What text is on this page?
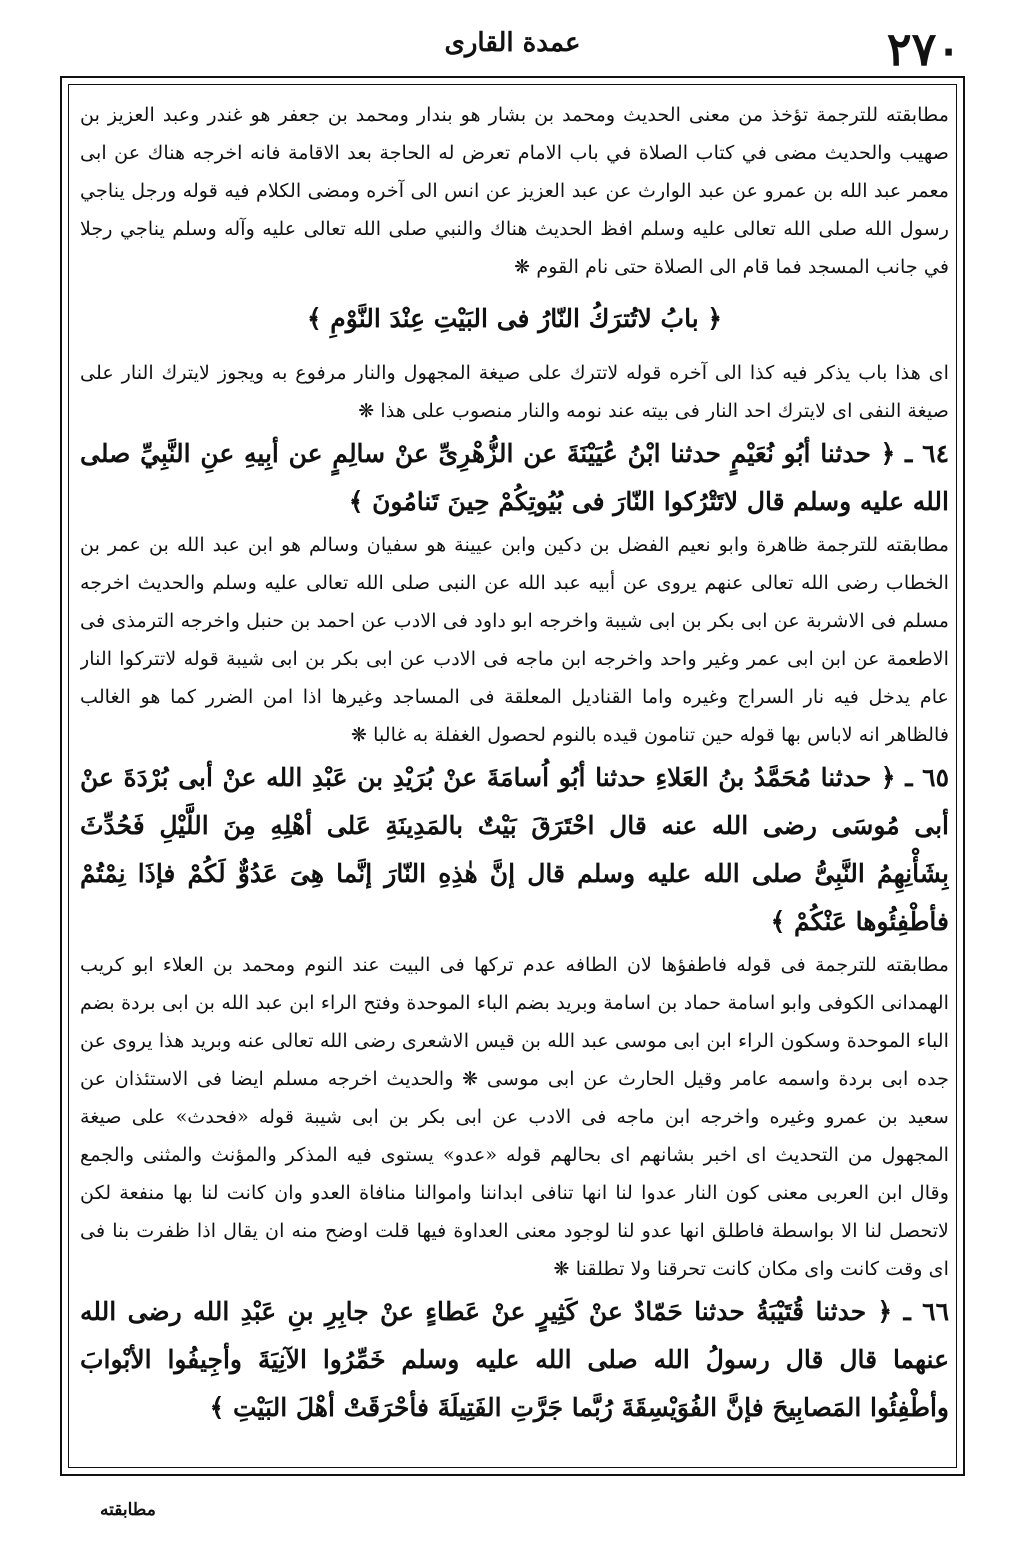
٢٧٠
عمدة القارى

مطابقته للترجمة تؤخذ من معنى الحديث ومحمد بن بشار هو بندار ومحمد بن جعفر هو غندر وعبد العزيز بن صهيب والحديث مضى في كتاب الصلاة في باب الامام تعرض له الحاجة بعد الاقامة فانه اخرجه هناك عن ابى معمر عبد الله بن عمرو عن عبد الوارث عن عبد العزيز عن انس الى آخره ومضى الكلام فيه قوله ورجل يناجي رسول الله صلى الله تعالى عليه وسلم افظ الحديث هناك والنبي صلى الله تعالى عليه وآله وسلم يناجي رجلا في جانب المسجد فما قام الى الصلاة حتى نام القوم ❋

﴿ بابُ لاتُترَكُ النّارُ فى البَيْتِ عِنْدَ النَّوْمِ ﴾

اى هذا باب يذكر فيه كذا الى آخره قوله لاتترك على صيغة المجهول والنار مرفوع به ويجوز لايترك النار على صيغة النفى اى لايترك احد النار فى بيته عند نومه والنار منصوب على هذا ❋

٦٤ ـ ﴿ حدثنا أبُو نُعَيْمٍ حدثنا ابْنُ عُيَيْنَةَ عن الزُّهْرِىِّ عنْ سالِمٍ عن أبِيهِ عنِ النَّبِيِّ صلى الله عليه وسلم قال لاتَتْرُكوا النّارَ فى بُيُوتِكُمْ حِينَ تَنامُونَ ﴾

مطابقته للترجمة ظاهرة وابو نعيم الفضل بن دكين وابن عيينة هو سفيان وسالم هو ابن عبد الله بن عمر بن الخطاب رضى الله تعالى عنهم يروى عن أبيه عبد الله عن النبى صلى الله تعالى عليه وسلم والحديث اخرجه مسلم فى الاشربة عن ابى بكر بن ابى شيبة واخرجه ابو داود فى الادب عن احمد بن حنبل واخرجه الترمذى فى الاطعمة عن ابن ابى عمر وغير واحد واخرجه ابن ماجه فى الادب عن ابى بكر بن ابى شيبة قوله لاتتركوا النار عام يدخل فيه نار السراج وغيره واما القناديل المعلقة فى المساجد وغيرها اذا امن الضرر كما هو الغالب فالظاهر انه لاباس بها قوله حين تنامون قيده بالنوم لحصول الغفلة به غالبا ❋

٦٥ ـ ﴿ حدثنا مُحَمَّدُ بنُ العَلاءِ حدثنا أبُو اُسامَةَ عنْ بُرَيْدِ بن عَبْدِ الله عنْ أبى بُرْدَةَ عنْ أبى مُوسَى رضى الله عنه قال احْتَرَقَ بَيْتٌ بالمَدِينَةِ عَلى أهْلِهِ مِنَ اللَّيْلِ فَحُدِّثَ بِشَأْنِهِمُ النَّبِىُّ صلى الله عليه وسلم قال إنَّ هٰذِهِ النّارَ إنَّما هِىَ عَدُوٌّ لَكُمْ فإذَا نِمْتُمْ فأطْفِئُوها عَنْكُمْ ﴾

مطابقته للترجمة فى قوله فاطفؤها لان الطافه عدم تركها فى البيت عند النوم ومحمد بن العلاء ابو كريب الهمدانى الكوفى وابو اسامة حماد بن اسامة وبريد بضم الباء الموحدة وفتح الراء ابن عبد الله بن ابى بردة بضم الباء الموحدة وسكون الراء ابن ابى موسى عبد الله بن قيس الاشعرى رضى الله تعالى عنه وبريد هذا يروى عن جده ابى بردة واسمه عامر وقيل الحارث عن ابى موسى ❋ والحديث اخرجه مسلم ايضا فى الاستئذان عن سعيد بن عمرو وغيره واخرجه ابن ماجه فى الادب عن ابى بكر بن ابى شيبة قوله «فحدث» على صيغة المجهول من التحديث اى اخبر بشانهم اى بحالهم قوله «عدو» يستوى فيه المذكر والمؤنث والمثنى والجمع وقال ابن العربى معنى كون النار عدوا لنا انها تنافى ابداننا واموالنا منافاة العدو وان كانت لنا بها منفعة لكن لاتحصل لنا الا بواسطة فاطلق انها عدو لنا لوجود معنى العداوة فيها قلت اوضح منه ان يقال اذا ظفرت بنا فى اى وقت كانت واى مكان كانت تحرقنا ولا تطلقنا ❋

٦٦ ـ ﴿ حدثنا قُتَيْبَةُ حدثنا حَمّادٌ عنْ كَثِيرٍ عنْ عَطاءٍ عنْ جابِرِ بنِ عَبْدِ الله رضى الله عنهما قال قال رسولُ الله صلى الله عليه وسلم خَمِّرُوا الآنِيَةَ وأجِيفُوا الأبْوابَ وأطْفِئُوا المَصابِيحَ فإنَّ الفُوَيْسِقَةَ رُبَّما جَرَّتِ الفَتِيلَةَ فأحْرَقَتْ أهْلَ البَيْتِ ﴾

مطابقته
